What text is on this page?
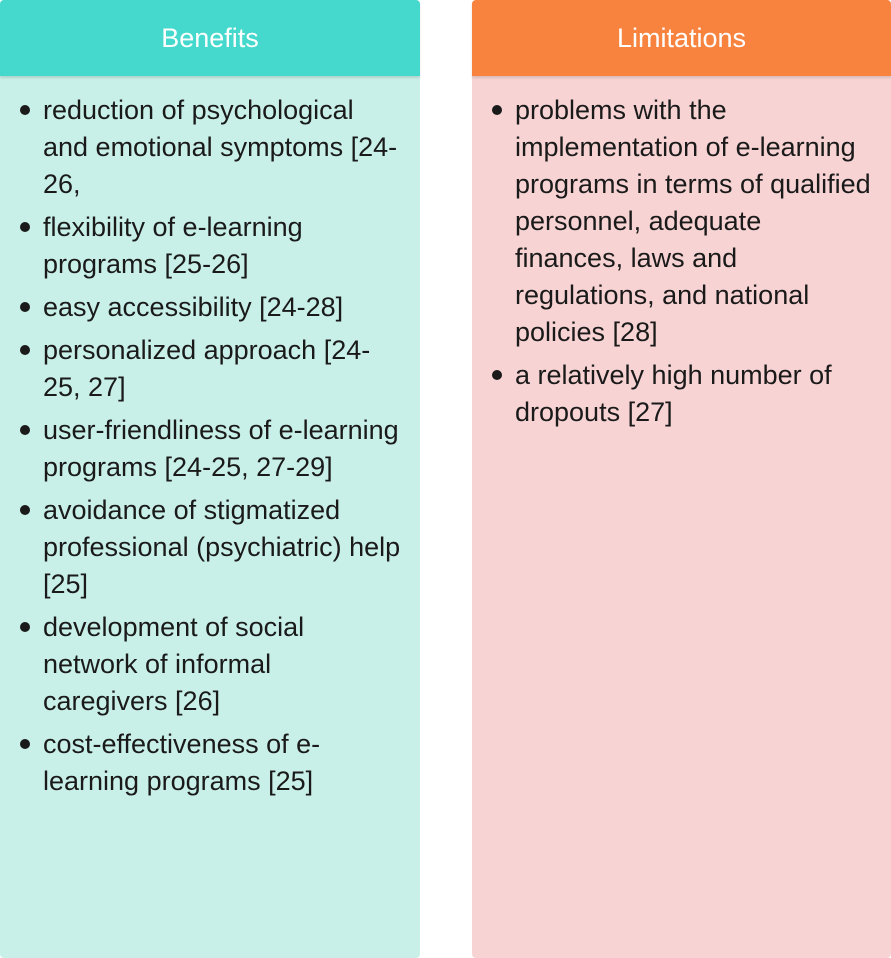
Benefits
reduction of psychological and emotional symptoms [24-26,
flexibility of e-learning programs [25-26]
easy accessibility [24-28]
personalized approach [24-25, 27]
user-friendliness of e-learning programs [24-25, 27-29]
avoidance of stigmatized professional (psychiatric) help [25]
development of social network of informal caregivers [26]
cost-effectiveness of e-learning programs [25]
Limitations
problems with the implementation of e-learning programs in terms of qualified personnel, adequate finances, laws and regulations, and national policies [28]
a relatively high number of dropouts [27]
